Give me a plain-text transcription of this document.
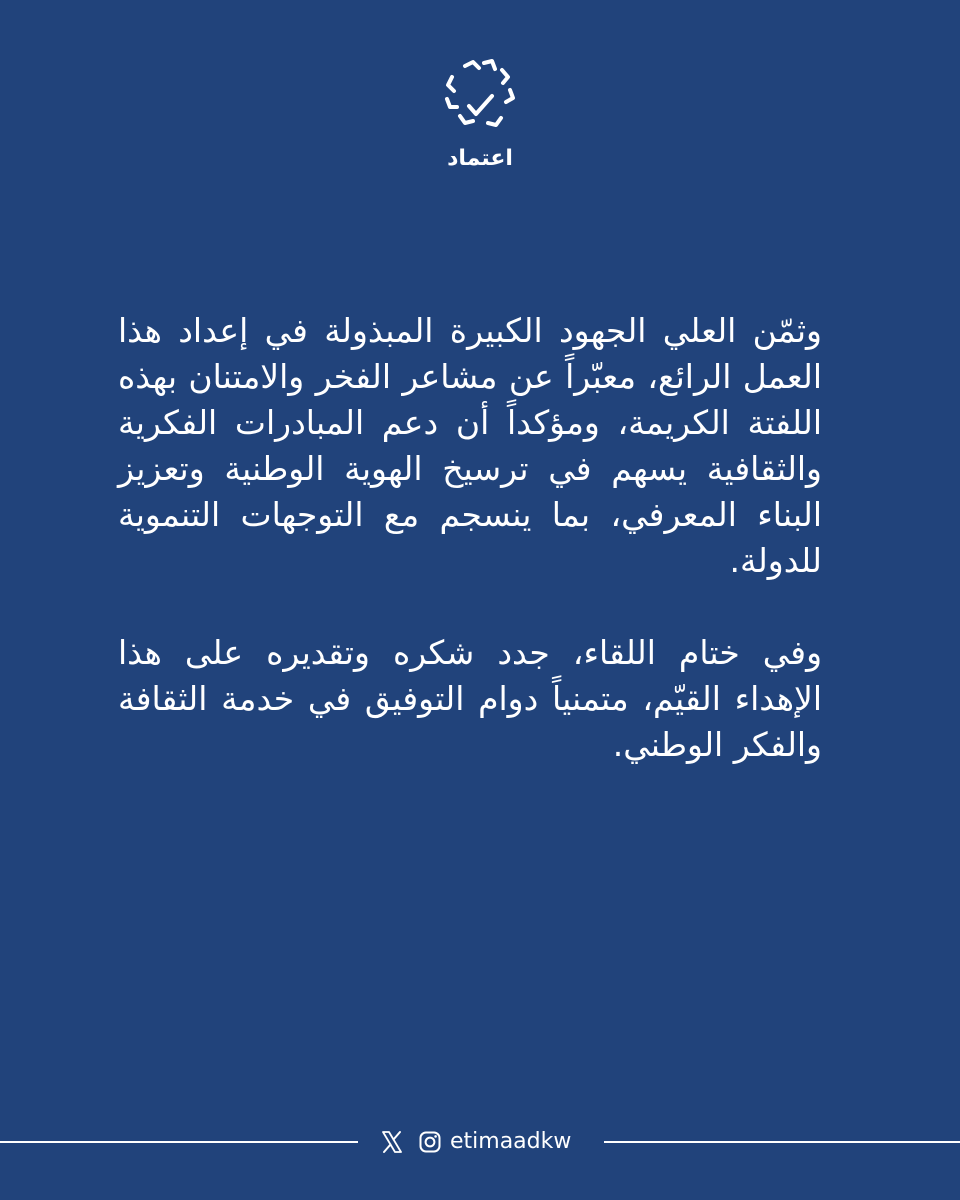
اعتماد

وثمّن العلي الجهود الكبيرة المبذولة في إعداد هذا العمل الرائع، معبّراً عن مشاعر الفخر والامتنان بهذه اللفتة الكريمة، ومؤكداً أن دعم المبادرات الفكرية والثقافية يسهم في ترسيخ الهوية الوطنية وتعزيز البناء المعرفي، بما ينسجم مع التوجهات التنموية للدولة.

وفي ختام اللقاء، جدد شكره وتقديره على هذا الإهداء القيّم، متمنياً دوام التوفيق في خدمة الثقافة والفكر الوطني.

etimaadkw
